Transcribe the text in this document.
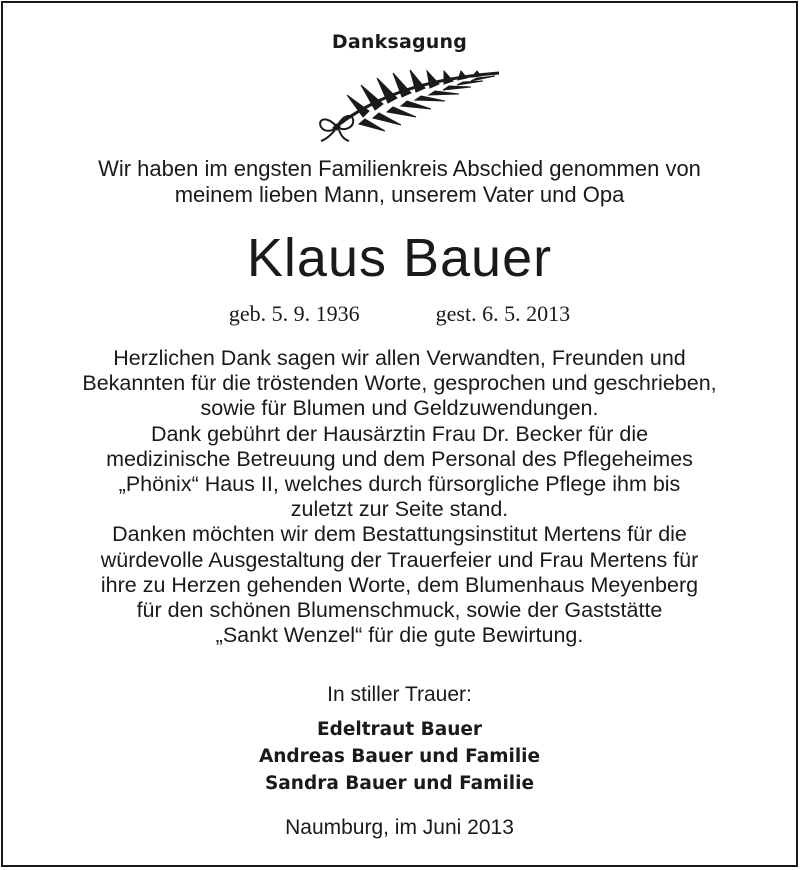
Danksagung
Wir haben im engsten Familienkreis Abschied genommen von
meinem lieben Mann, unserem Vater und Opa
Klaus Bauer
geb. 5. 9. 1936	gest. 6. 5. 2013
Herzlichen Dank sagen wir allen Verwandten, Freunden und
Bekannten für die tröstenden Worte, gesprochen und geschrieben,
sowie für Blumen und Geldzuwendungen.
Dank gebührt der Hausärztin Frau Dr. Becker für die
medizinische Betreuung und dem Personal des Pflegeheimes
„Phönix“ Haus II, welches durch fürsorgliche Pflege ihm bis
zuletzt zur Seite stand.
Danken möchten wir dem Bestattungsinstitut Mertens für die
würdevolle Ausgestaltung der Trauerfeier und Frau Mertens für
ihre zu Herzen gehenden Worte, dem Blumenhaus Meyenberg
für den schönen Blumenschmuck, sowie der Gaststätte
„Sankt Wenzel“ für die gute Bewirtung.
In stiller Trauer:
Edeltraut Bauer
Andreas Bauer und Familie
Sandra Bauer und Familie
Naumburg, im Juni 2013
